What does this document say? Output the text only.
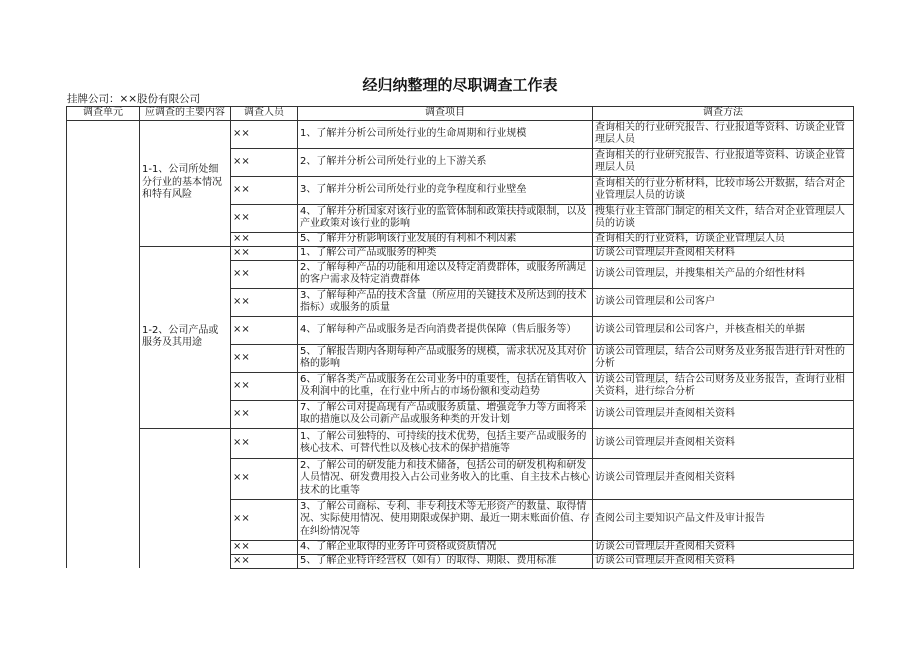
经归纳整理的尽职调查工作表
挂牌公司：××股份有限公司
调查单元	应调查的主要内容	调查人员	调查项目	调查方法
	1-1、公司所处细分行业的基本情况和特有风险	××	1、了解并分析公司所处行业的生命周期和行业规模	查询相关的行业研究报告、行业报道等资料、访谈企业管理层人员
		××	2、了解并分析公司所处行业的上下游关系	查询相关的行业研究报告、行业报道等资料、访谈企业管理层人员
		××	3、了解并分析公司所处行业的竞争程度和行业壁垒	查询相关的行业分析材料，比较市场公开数据，结合对企业管理层人员的访谈
		××	4、了解并分析国家对该行业的监管体制和政策扶持或限制，以及产业政策对该行业的影响	搜集行业主管部门制定的相关文件，结合对企业管理层人员的访谈
		××	5、了解并分析影响该行业发展的有利和不利因素	查询相关的行业资料，访谈企业管理层人员
	1-2、公司产品或服务及其用途	××	1、了解公司产品或服务的种类	访谈公司管理层并查阅相关材料
		××	2、了解每种产品的功能和用途以及特定消费群体，或服务所满足的客户需求及特定消费群体	访谈公司管理层，并搜集相关产品的介绍性材料
		××	3、了解每种产品的技术含量（所应用的关键技术及所达到的技术指标）或服务的质量	访谈公司管理层和公司客户
		××	4、了解每种产品或服务是否向消费者提供保障（售后服务等）	访谈公司管理层和公司客户，并核查相关的单据
		××	5、了解报告期内各期每种产品或服务的规模，需求状况及其对价格的影响	访谈公司管理层，结合公司财务及业务报告进行针对性的分析
		××	6、了解各类产品或服务在公司业务中的重要性，包括在销售收入及利润中的比重，在行业中所占的市场份额和变动趋势	访谈公司管理层，结合公司财务及业务报告，查询行业相关资料，进行综合分析
		××	7、了解公司对提高现有产品或服务质量、增强竞争力等方面将采取的措施以及公司新产品或服务种类的开发计划	访谈公司管理层并查阅相关资料
		××	1、了解公司独特的、可持续的技术优势，包括主要产品或服务的核心技术、可替代性以及核心技术的保护措施等	访谈公司管理层并查阅相关资料
		××	2、了解公司的研发能力和技术储备，包括公司的研发机构和研发人员情况、研发费用投入占公司业务收入的比重、自主技术占核心技术的比重等	访谈公司管理层并查阅相关资料
		××	3、了解公司商标、专利、非专利技术等无形资产的数量、取得情况、实际使用情况、使用期限或保护期、最近一期末账面价值、存在纠纷情况等	查阅公司主要知识产品文件及审计报告
		××	4、了解企业取得的业务许可资格或资质情况	访谈公司管理层并查阅相关资料
		××	5、了解企业特许经营权（如有）的取得、期限、费用标准	访谈公司管理层并查阅相关资料
